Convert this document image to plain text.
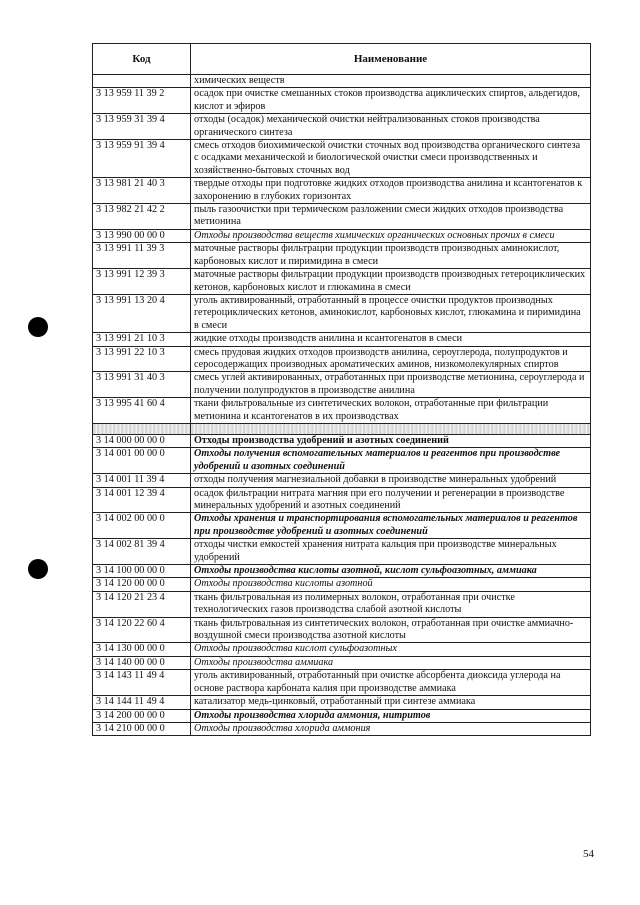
Код	Наименование
	химических веществ
3 13 959 11 39 2	осадок при очистке смешанных стоков производства ациклических спиртов, альдегидов, кислот и эфиров
3 13 959 31 39 4	отходы (осадок) механической очистки нейтрализованных стоков производства органического синтеза
3 13 959 91 39 4	смесь отходов биохимической очистки сточных вод производства органического синтеза с осадками механической и биологической очистки смеси производственных и хозяйственно-бытовых сточных вод
3 13 981 21 40 3	твердые отходы при подготовке жидких отходов производства анилина и ксантогенатов к захоронению в глубоких горизонтах
3 13 982 21 42 2	пыль газоочистки при термическом разложении смеси жидких отходов производства метионина
3 13 990 00 00 0	Отходы производства веществ химических органических основных прочих в смеси
3 13 991 11 39 3	маточные растворы фильтрации продукции производств производных аминокислот, карбоновых кислот и пиримидина в смеси
3 13 991 12 39 3	маточные растворы фильтрации продукции производств производных гетероциклических кетонов, карбоновых кислот и глюкамина в смеси
3 13 991 13 20 4	уголь активированный, отработанный в процессе очистки продуктов производных гетероциклических кетонов, аминокислот, карбоновых кислот, глюкамина и пиримидина в смеси
3 13 991 21 10 3	жидкие отходы производств анилина и ксантогенатов в смеси
3 13 991 22 10 3	смесь прудовая жидких отходов производств анилина, сероуглерода, полупродуктов и серосодержащих производных ароматических аминов, низкомолекулярных спиртов
3 13 991 31 40 3	смесь углей активированных, отработанных при производстве метионина, сероуглерода и получении полупродуктов в производстве анилина
3 13 995 41 60 4	ткани фильтровальные из синтетических волокон, отработанные при фильтрации метионина и ксантогенатов в их производствах

3 14 000 00 00 0	Отходы производства удобрений и азотных соединений
3 14 001 00 00 0	Отходы получения вспомогательных материалов и реагентов при производстве удобрений и азотных соединений
3 14 001 11 39 4	отходы получения магнезиальной добавки в производстве минеральных удобрений
3 14 001 12 39 4	осадок фильтрации нитрата магния при его получении и регенерации в производстве минеральных удобрений и азотных соединений
3 14 002 00 00 0	Отходы хранения и транспортирования вспомогательных материалов и реагентов при производстве удобрений и азотных соединений
3 14 002 81 39 4	отходы чистки емкостей хранения нитрата кальция при производстве минеральных удобрений
3 14 100 00 00 0	Отходы производства кислоты азотной, кислот сульфоазотных, аммиака
3 14 120 00 00 0	Отходы производства кислоты азотной
3 14 120 21 23 4	ткань фильтровальная из полимерных волокон, отработанная при очистке технологических газов производства слабой азотной кислоты
3 14 120 22 60 4	ткань фильтровальная из синтетических волокон, отработанная при очистке аммиачно-воздушной смеси производства азотной кислоты
3 14 130 00 00 0	Отходы производства кислот сульфоазотных
3 14 140 00 00 0	Отходы производства аммиака
3 14 143 11 49 4	уголь активированный, отработанный при очистке абсорбента диоксида углерода на основе раствора карбоната калия при производстве аммиака
3 14 144 11 49 4	катализатор медь-цинковый, отработанный при синтезе аммиака
3 14 200 00 00 0	Отходы производства хлорида аммония, нитритов
3 14 210 00 00 0	Отходы производства хлорида аммония
54
